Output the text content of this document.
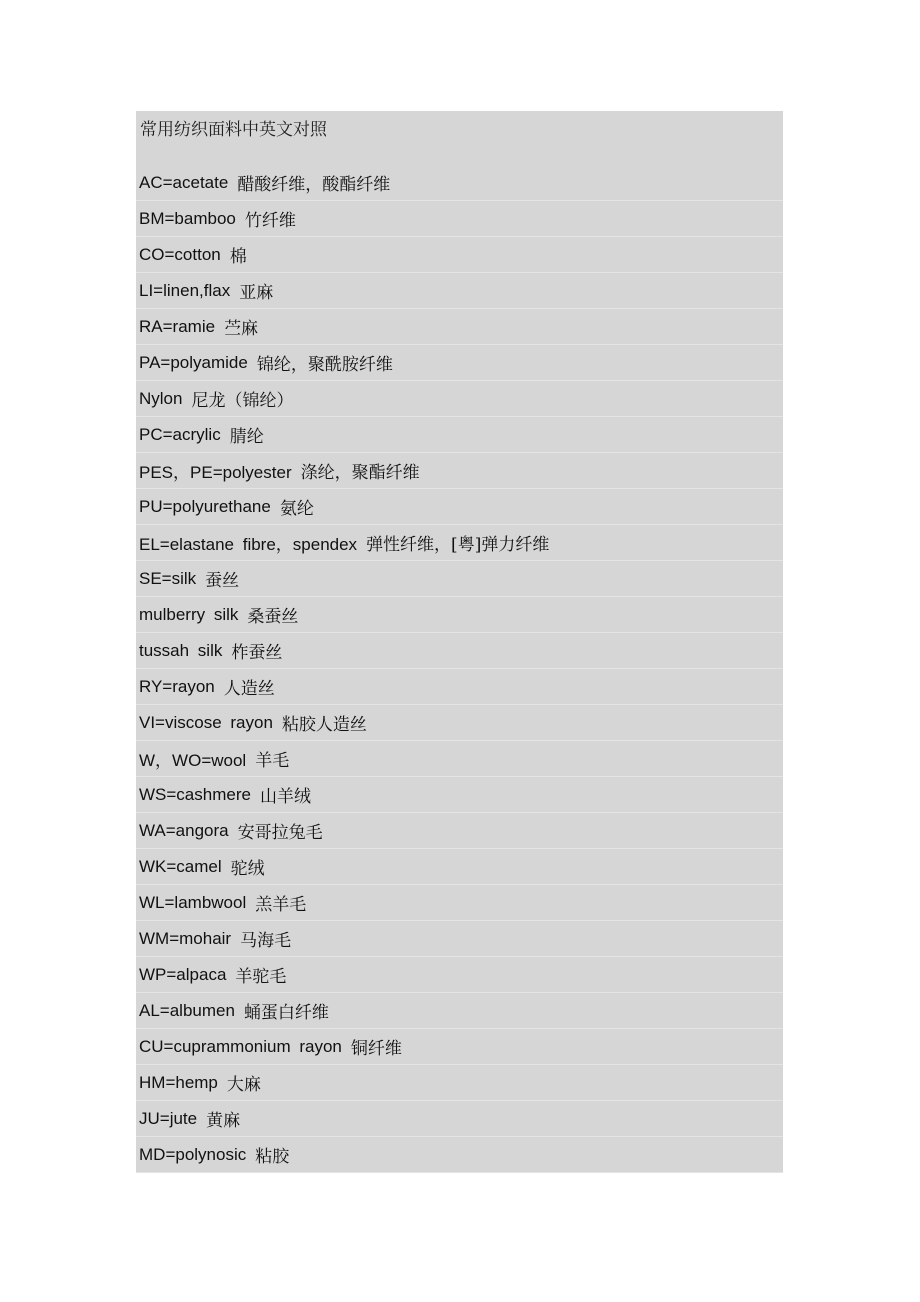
常用纺织面料中英文对照
AC=acetate 醋酸纤维，酸酯纤维
BM=bamboo 竹纤维
CO=cotton 棉
LI=linen,flax 亚麻
RA=ramie 苎麻
PA=polyamide 锦纶，聚酰胺纤维
Nylon 尼龙（锦纶）
PC=acrylic 腈纶
PES，PE=polyester 涤纶，聚酯纤维
PU=polyurethane 氨纶
EL=elastane fibre，spendex 弹性纤维，[粤]弹力纤维
SE=silk 蚕丝
mulberry silk 桑蚕丝
tussah silk 柞蚕丝
RY=rayon 人造丝
VI=viscose rayon 粘胶人造丝
W，WO=wool 羊毛
WS=cashmere 山羊绒
WA=angora 安哥拉兔毛
WK=camel 驼绒
WL=lambwool 羔羊毛
WM=mohair 马海毛
WP=alpaca 羊驼毛
AL=albumen 蛹蛋白纤维
CU=cuprammonium rayon 铜纤维
HM=hemp 大麻
JU=jute 黄麻
MD=polynosic 粘胶
